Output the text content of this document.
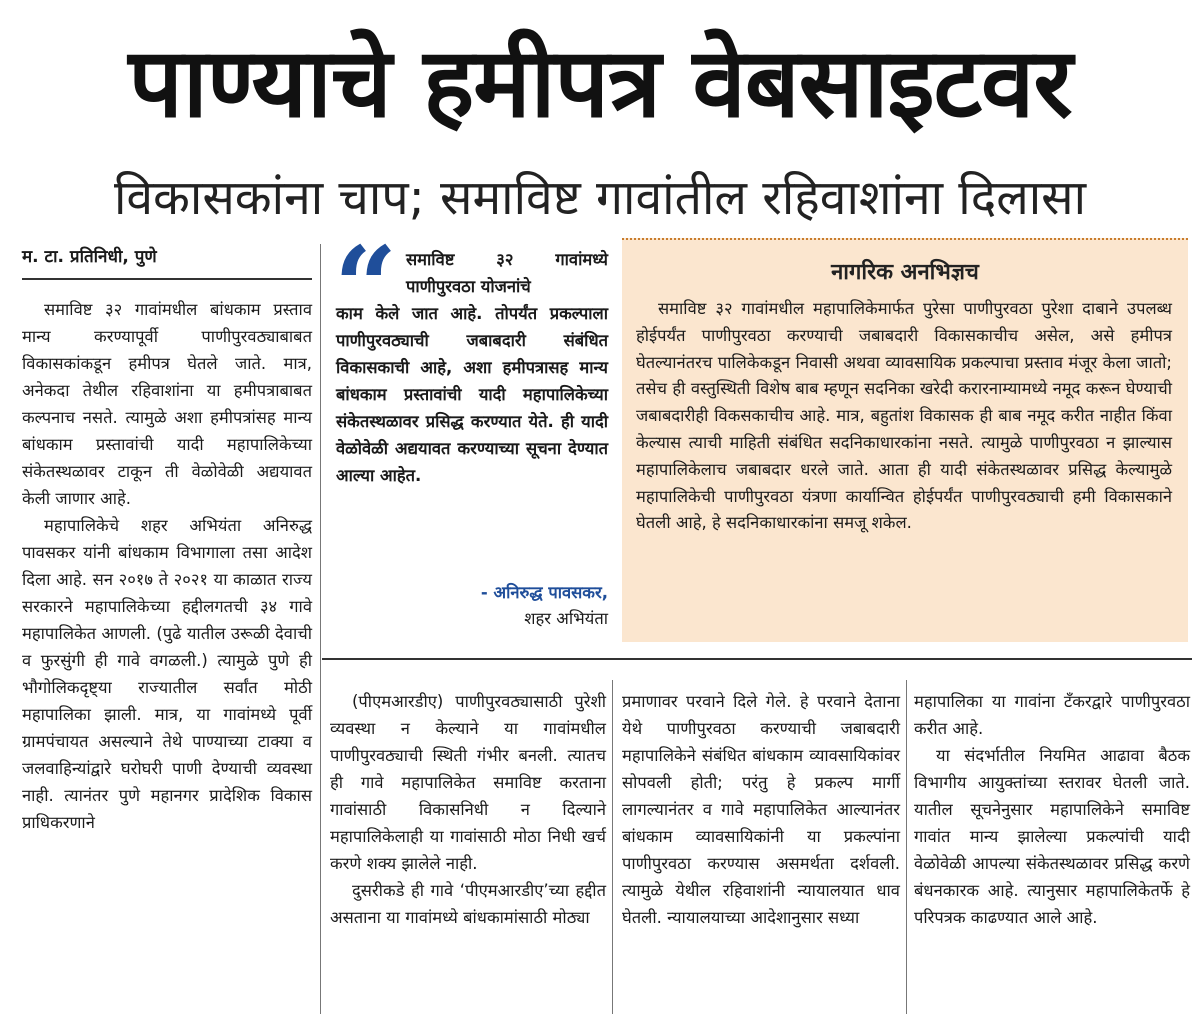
पाण्याचे हमीपत्र वेबसाइटवर
विकासकांना चाप; समाविष्ट गावांतील रहिवाशांना दिलासा
म. टा. प्रतिनिधी, पुणे

समाविष्ट ३२ गावांमधील बांधकाम प्रस्ताव मान्य करण्यापूर्वी पाणीपुरवठ्याबाबत विकासकांकडून हमीपत्र घेतले जाते. मात्र, अनेकदा तेथील रहिवाशांना या हमीपत्राबाबत कल्पनाच नसते. त्यामुळे अशा हमीपत्रांसह मान्य बांधकाम प्रस्तावांची यादी महापालिकेच्या संकेतस्थळावर टाकून ती वेळोवेळी अद्ययावत केली जाणार आहे.

महापालिकेचे शहर अभियंता अनिरुद्ध पावसकर यांनी बांधकाम विभागाला तसा आदेश दिला आहे. सन २०१७ ते २०२१ या काळात राज्य सरकारने महापालिकेच्या हद्दीलगतची ३४ गावे महापालिकेत आणली. (पुढे यातील उरूळी देवाची व फुरसुंगी ही गावे वगळली.) त्यामुळे पुणे ही भौगोलिकदृष्ट्या राज्यातील सर्वांत मोठी महापालिका झाली. मात्र, या गावांमध्ये पूर्वी ग्रामपंचायत असल्याने तेथे पाण्याच्या टाक्या व जलवाहिन्यांद्वारे घरोघरी पाणी देण्याची व्यवस्था नाही. त्यानंतर पुणे महानगर प्रादेशिक विकास प्राधिकरणाने

“ समाविष्ट ३२ गावांमध्ये पाणीपुरवठा योजनांचे
काम केले जात आहे. तोपर्यंत प्रकल्पाला पाणीपुरवठ्याची जबाबदारी संबंधित विकासकाची आहे, अशा हमीपत्रासह मान्य बांधकाम प्रस्तावांची यादी महापालिकेच्या संकेतस्थळावर प्रसिद्ध करण्यात येते. ही यादी वेळोवेळी अद्ययावत करण्याच्या सूचना देण्यात आल्या आहेत.
- अनिरुद्ध पावसकर,
शहर अभियंता
नागरिक अनभिज्ञच

समाविष्ट ३२ गावांमधील महापालिकेमार्फत पुरेसा पाणीपुरवठा पुरेशा दाबाने उपलब्ध होईपर्यंत पाणीपुरवठा करण्याची जबाबदारी विकासकाचीच असेल, असे हमीपत्र घेतल्यानंतरच पालिकेकडून निवासी अथवा व्यावसायिक प्रकल्पाचा प्रस्ताव मंजूर केला जातो; तसेच ही वस्तुस्थिती विशेष बाब म्हणून सदनिका खरेदी करारनाम्यामध्ये नमूद करून घेण्याची जबाबदारीही विकसकाचीच आहे. मात्र, बहुतांश विकासक ही बाब नमूद करीत नाहीत किंवा केल्यास त्याची माहिती संबंधित सदनिकाधारकांना नसते. त्यामुळे पाणीपुरवठा न झाल्यास महापालिकेलाच जबाबदार धरले जाते. आता ही यादी संकेतस्थळावर प्रसिद्ध केल्यामुळे महापालिकेची पाणीपुरवठा यंत्रणा कार्यान्वित होईपर्यंत पाणीपुरवठ्याची हमी विकासकाने घेतली आहे, हे सदनिकाधारकांना समजू शकेल.

(पीएमआरडीए) पाणीपुरवठ्यासाठी पुरेशी व्यवस्था न केल्याने या गावांमधील पाणीपुरवठ्याची स्थिती गंभीर बनली. त्यातच ही गावे महापालिकेत समाविष्ट करताना गावांसाठी विकासनिधी न दिल्याने महापालिकेलाही या गावांसाठी मोठा निधी खर्च करणे शक्य झालेले नाही.

दुसरीकडे ही गावे ‘पीएमआरडीए’च्या हद्दीत असताना या गावांमध्ये बांधकामांसाठी मोठ्या

प्रमाणावर परवाने दिले गेले. हे परवाने देताना येथे पाणीपुरवठा करण्याची जबाबदारी महापालिकेने संबंधित बांधकाम व्यावसायिकांवर सोपवली होती; परंतु हे प्रकल्प मार्गी लागल्यानंतर व गावे महापालिकेत आल्यानंतर बांधकाम व्यावसायिकांनी या प्रकल्पांना पाणीपुरवठा करण्यास असमर्थता दर्शवली. त्यामुळे येथील रहिवाशांनी न्यायालयात धाव घेतली. न्यायालयाच्या आदेशानुसार सध्या

महापालिका या गावांना टँकरद्वारे पाणीपुरवठा करीत आहे.

या संदर्भातील नियमित आढावा बैठक विभागीय आयुक्तांच्या स्तरावर घेतली जाते. यातील सूचनेनुसार महापालिकेने समाविष्ट गावांत मान्य झालेल्या प्रकल्पांची यादी वेळोवेळी आपल्या संकेतस्थळावर प्रसिद्ध करणे बंधनकारक आहे. त्यानुसार महापालिकेतर्फे हे परिपत्रक काढण्यात आले आहे.
